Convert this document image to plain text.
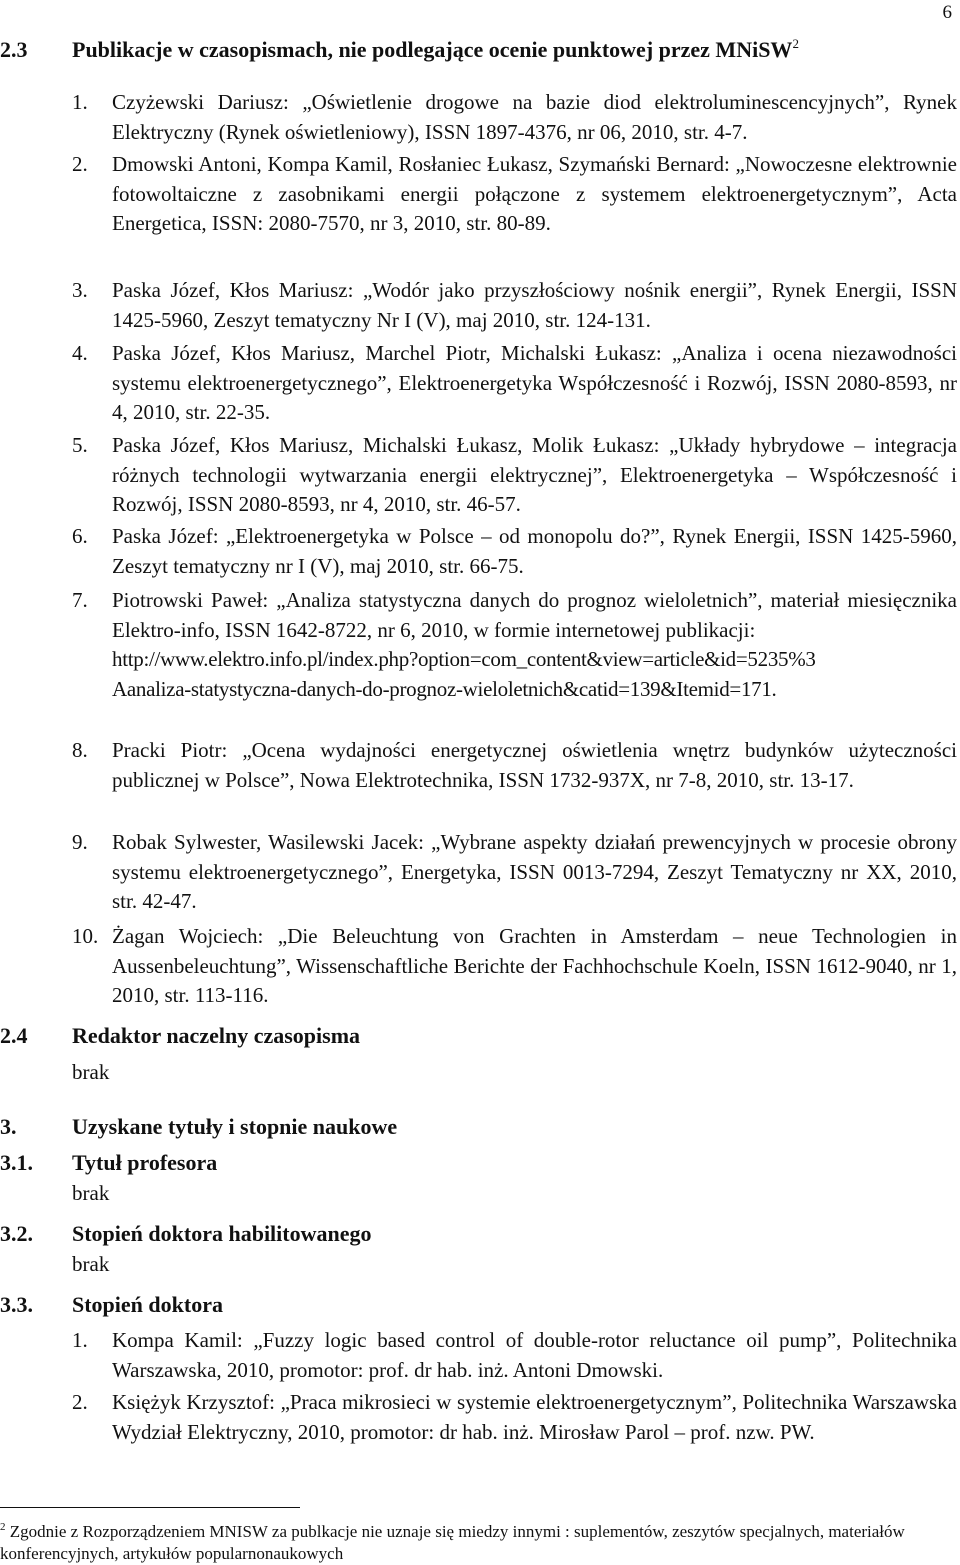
6
2.3 Publikacje w czasopismach, nie podlegające ocenie punktowej przez MNiSW$^2$
1.	Czyżewski Dariusz: „Oświetlenie drogowe na bazie diod elektroluminescencyjnych”, Rynek Elektryczny (Rynek oświetleniowy), ISSN 1897-4376, nr 06, 2010, str. 4-7.
2.	Dmowski Antoni, Kompa Kamil, Rosłaniec Łukasz, Szymański Bernard: „Nowoczesne elektrownie fotowoltaiczne z zasobnikami energii połączone z systemem elektroenergetycznym”, Acta Energetica, ISSN: 2080-7570, nr 3, 2010, str. 80-89.
3.	Paska Józef, Kłos Mariusz: „Wodór jako przyszłościowy nośnik energii”, Rynek Energii, ISSN 1425-5960, Zeszyt tematyczny Nr I (V), maj 2010, str. 124-131.
4.	Paska Józef, Kłos Mariusz, Marchel Piotr, Michalski Łukasz: „Analiza i ocena niezawodności systemu elektroenergetycznego”, Elektroenergetyka Współczesność i Rozwój, ISSN 2080-8593, nr 4, 2010, str. 22-35.
5.	Paska Józef, Kłos Mariusz, Michalski Łukasz, Molik Łukasz: „Układy hybrydowe – integracja różnych technologii wytwarzania energii elektrycznej”, Elektroenergetyka – Współczesność i Rozwój, ISSN 2080-8593, nr 4, 2010, str. 46-57.
6.	Paska Józef: „Elektroenergetyka w Polsce – od monopolu do?”, Rynek Energii, ISSN 1425-5960, Zeszyt tematyczny nr I (V), maj 2010, str. 66-75.
7.	Piotrowski Paweł: „Analiza statystyczna danych do prognoz wieloletnich”, materiał miesięcznika Elektro-info, ISSN 1642-8722, nr 6, 2010, w formie internetowej publikacji:
http://www.elektro.info.pl/index.php?option=com_content&view=article&id=5235%3
Aanaliza-statystyczna-danych-do-prognoz-wieloletnich&catid=139&Itemid=171.
8.	Pracki Piotr: „Ocena wydajności energetycznej oświetlenia wnętrz budynków użyteczności publicznej w Polsce”, Nowa Elektrotechnika, ISSN 1732-937X, nr 7-8, 2010, str. 13-17.
9.	Robak Sylwester, Wasilewski Jacek: „Wybrane aspekty działań prewencyjnych w procesie obrony systemu elektroenergetycznego”, Energetyka, ISSN 0013-7294, Zeszyt Tematyczny nr XX, 2010, str. 42-47.
10. Żagan Wojciech: „Die Beleuchtung von Grachten in Amsterdam – neue Technologien in Aussenbeleuchtung”, Wissenschaftliche Berichte der Fachhochschule Koeln, ISSN 1612-9040, nr 1, 2010, str. 113-116.
2.4 Redaktor naczelny czasopisma
brak
3.	Uzyskane tytuły i stopnie naukowe
3.1. Tytuł profesora
brak
3.2. Stopień doktora habilitowanego
brak
3.3. Stopień doktora
1.	Kompa Kamil: „Fuzzy logic based control of double-rotor reluctance oil pump”, Politechnika Warszawska, 2010, promotor: prof. dr hab. inż. Antoni Dmowski.
2.	Księżyk Krzysztof: „Praca mikrosieci w systemie elektroenergetycznym”, Politechnika Warszawska Wydział Elektryczny, 2010, promotor: dr hab. inż. Mirosław Parol – prof. nzw. PW.
$^2$ Zgodnie z Rozporządzeniem MNISW za publkacje nie uznaje się miedzy innymi : suplementów, zeszytów specjalnych, materiałów konferencyjnych, artykułów popularnonaukowych
